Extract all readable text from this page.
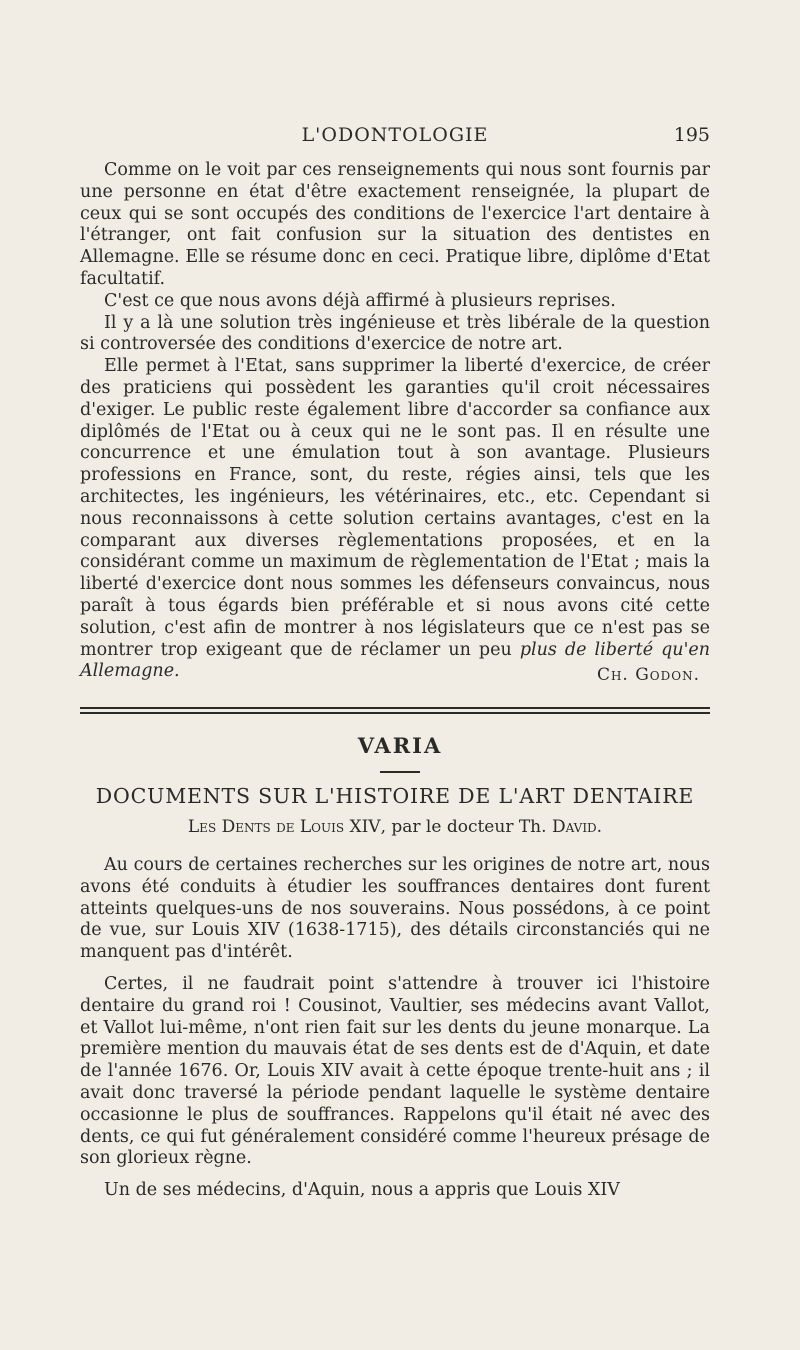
L'ODONTOLOGIE	195

Comme on le voit par ces renseignements qui nous sont fournis par une personne en état d'être exactement renseignée, la plupart de ceux qui se sont occupés des conditions de l'exercice l'art dentaire à l'étranger, ont fait confusion sur la situation des dentistes en Allemagne. Elle se résume donc en ceci. Pratique libre, diplôme d'Etat facultatif.

C'est ce que nous avons déjà affirmé à plusieurs reprises.

Il y a là une solution très ingénieuse et très libérale de la question si controversée des conditions d'exercice de notre art.

Elle permet à l'Etat, sans supprimer la liberté d'exercice, de créer des praticiens qui possèdent les garanties qu'il croit nécessaires d'exiger. Le public reste également libre d'accorder sa confiance aux diplômés de l'Etat ou à ceux qui ne le sont pas. Il en résulte une concurrence et une émulation tout à son avantage. Plusieurs professions en France, sont, du reste, régies ainsi, tels que les architectes, les ingénieurs, les vétérinaires, etc., etc. Cependant si nous reconnaissons à cette solution certains avantages, c'est en la comparant aux diverses règlementations proposées, et en la considérant comme un maximum de règlementation de l'Etat ; mais la liberté d'exercice dont nous sommes les défenseurs convaincus, nous paraît à tous égards bien préférable et si nous avons cité cette solution, c'est afin de montrer à nos législateurs que ce n'est pas se montrer trop exigeant que de réclamer un peu plus de liberté qu'en Allemagne.	Ch. Godon.
VARIA
DOCUMENTS SUR L'HISTOIRE DE L'ART DENTAIRE
Les Dents de Louis XIV, par le docteur Th. David.

Au cours de certaines recherches sur les origines de notre art, nous avons été conduits à étudier les souffrances dentaires dont furent atteints quelques-uns de nos souverains. Nous possédons, à ce point de vue, sur Louis XIV (1638-1715), des détails circonstanciés qui ne manquent pas d'intérêt.

Certes, il ne faudrait point s'attendre à trouver ici l'histoire dentaire du grand roi ! Cousinot, Vaultier, ses médecins avant Vallot, et Vallot lui-même, n'ont rien fait sur les dents du jeune monarque. La première mention du mauvais état de ses dents est de d'Aquin, et date de l'année 1676. Or, Louis XIV avait à cette époque trente-huit ans ; il avait donc traversé la période pendant laquelle le système dentaire occasionne le plus de souffrances. Rappelons qu'il était né avec des dents, ce qui fut généralement considéré comme l'heureux présage de son glorieux règne.

Un de ses médecins, d'Aquin, nous a appris que Louis XIV
